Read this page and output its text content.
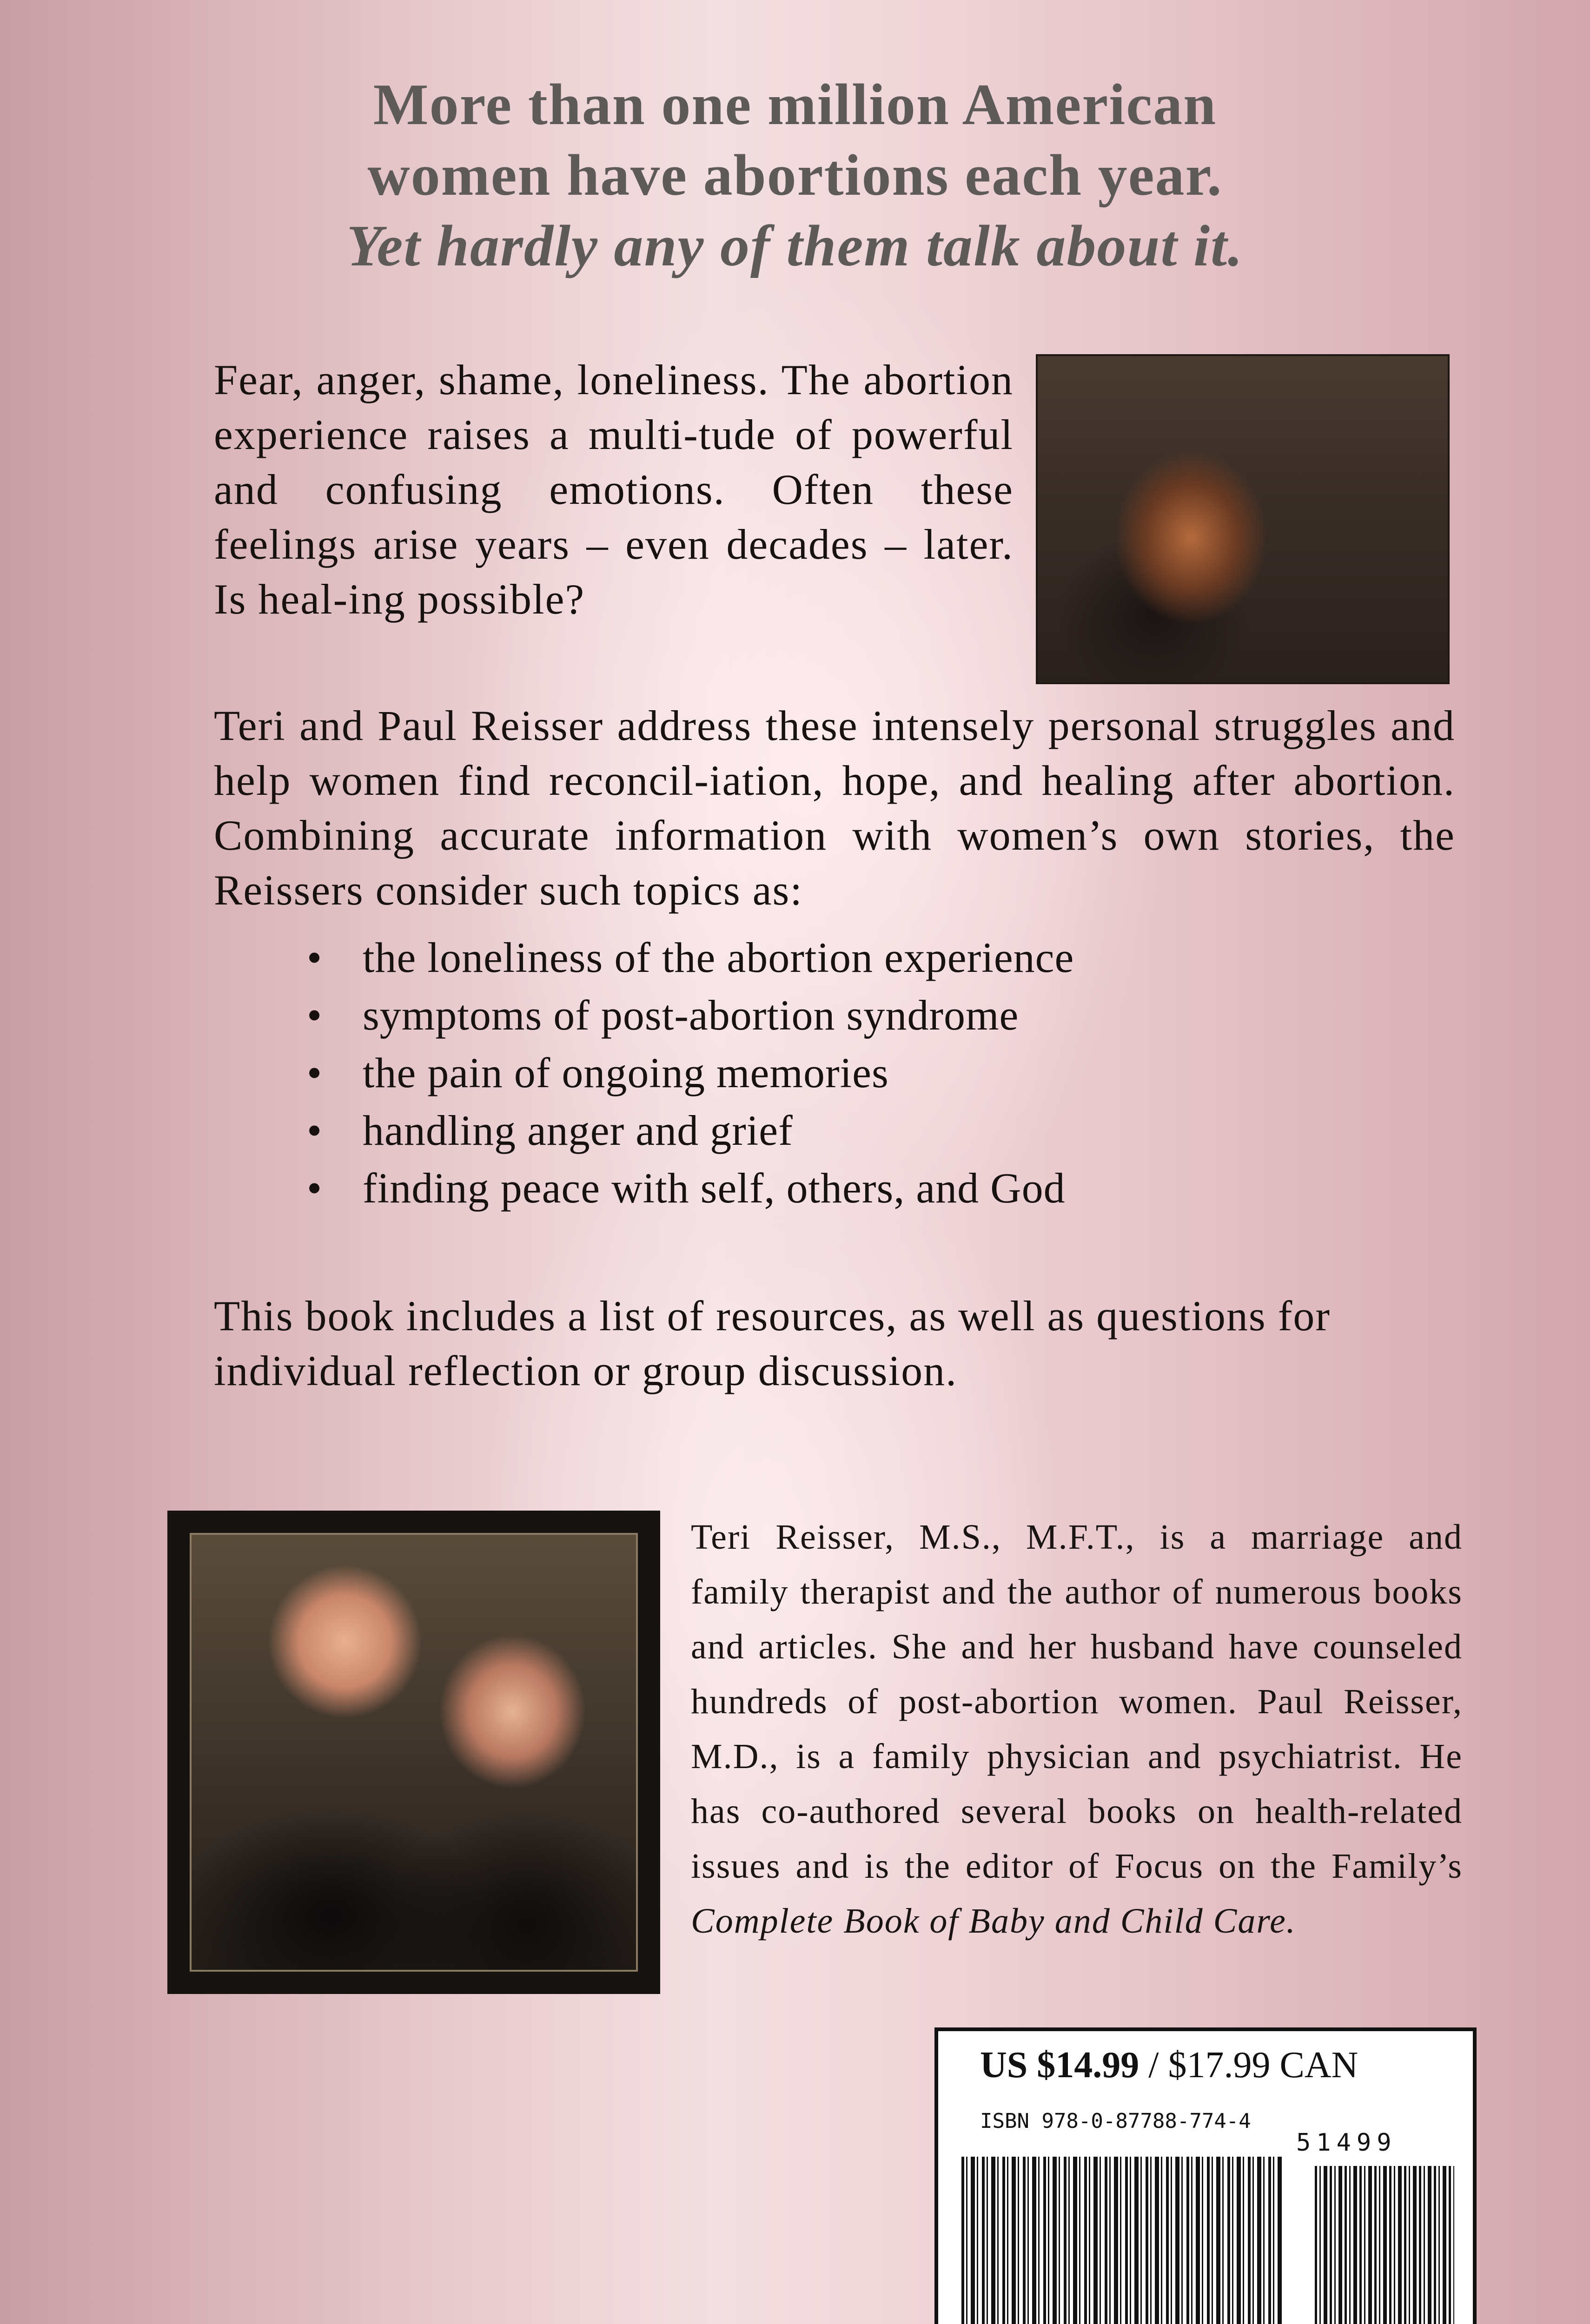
More than one million American
women have abortions each year.
Yet hardly any of them talk about it.

Fear, anger, shame, loneliness. The abortion experience raises a multi-tude of powerful and confusing emotions. Often these feelings arise years – even decades – later. Is heal-ing possible?

Teri and Paul Reisser address these intensely personal struggles and help women find reconcil-iation, hope, and healing after abortion. Combining accurate information with women’s own stories, the Reissers consider such topics as:

• the loneliness of the abortion experience
• symptoms of post-abortion syndrome
• the pain of ongoing memories
• handling anger and grief
• finding peace with self, others, and God

This book includes a list of resources, as well as questions for individual reflection or group discussion.

Teri Reisser, M.S., M.F.T., is a marriage and family therapist and the author of numerous books and articles. She and her husband have counseled hundreds of post-abortion women. Paul Reisser, M.D., is a family physician and psychiatrist. He has co-authored several books on health-related issues and is the editor of Focus on the Family’s Complete Book of Baby and Child Care.

US $14.99 / $17.99 CAN
ISBN 978-0-87788-774-4
51499
